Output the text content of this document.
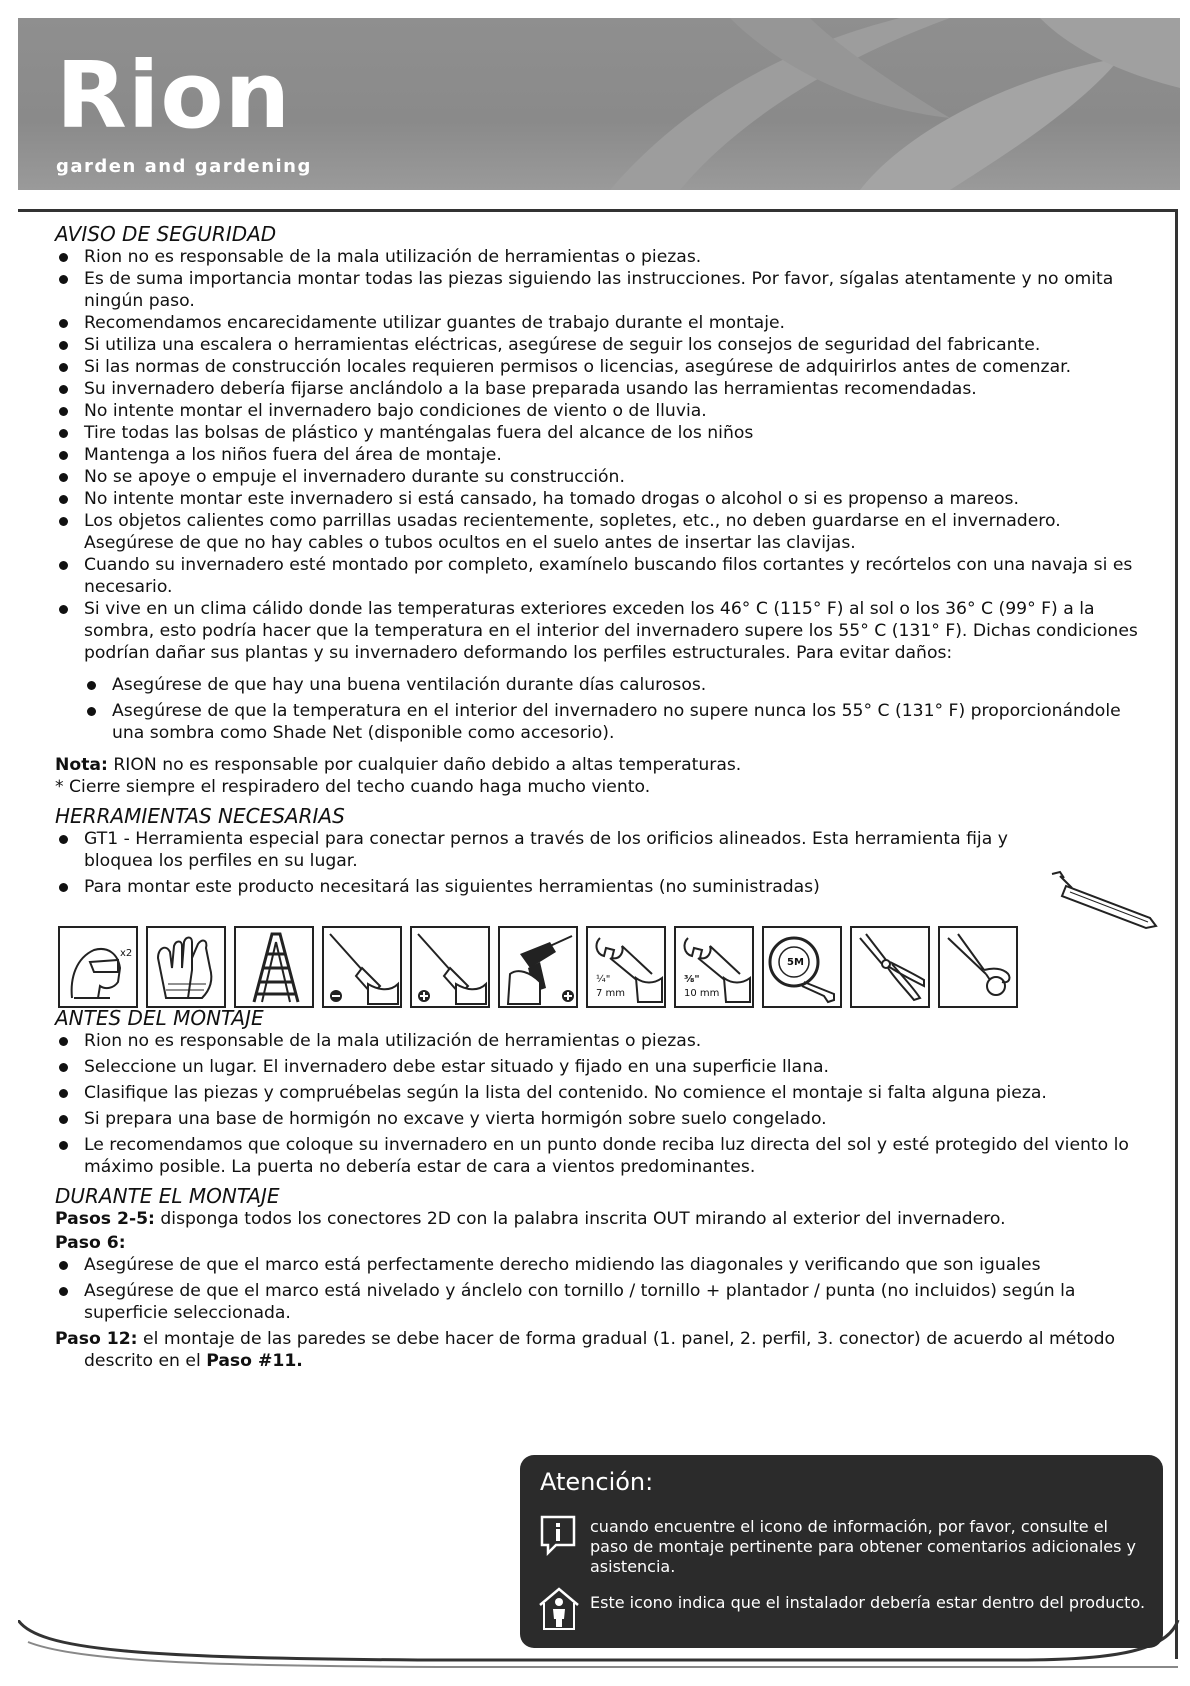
Rion
garden and gardening
AVISO DE SEGURIDAD
Rion no es responsable de la mala utilización de herramientas o piezas.
Es de suma importancia montar todas las piezas siguiendo las instrucciones. Por favor, sígalas atentamente y no omita ningún paso.
Recomendamos encarecidamente utilizar guantes de trabajo durante el montaje.
Si utiliza una escalera o herramientas eléctricas, asegúrese de seguir los consejos de seguridad del fabricante.
Si las normas de construcción locales requieren permisos o licencias, asegúrese de adquirirlos antes de comenzar.
Su invernadero debería fijarse anclándolo a la base preparada usando las herramientas recomendadas.
No intente montar el invernadero bajo condiciones de viento o de lluvia.
Tire todas las bolsas de plástico y manténgalas fuera del alcance de los niños
Mantenga a los niños fuera del área de montaje.
No se apoye o empuje el invernadero durante su construcción.
No intente montar este invernadero si está cansado, ha tomado drogas o alcohol o si es propenso a mareos.
Los objetos calientes como parrillas usadas recientemente, sopletes, etc., no deben guardarse en el invernadero. Asegúrese de que no hay cables o tubos ocultos en el suelo antes de insertar las clavijas.
Cuando su invernadero esté montado por completo, examínelo buscando filos cortantes y recórtelos con una navaja si es necesario.
Si vive en un clima cálido donde las temperaturas exteriores exceden los 46° C (115° F) al sol o los 36° C (99° F) a la sombra, esto podría hacer que la temperatura en el interior del invernadero supere los 55° C (131° F). Dichas condiciones podrían dañar sus plantas y su invernadero deformando los perfiles estructurales. Para evitar daños:
Asegúrese de que hay una buena ventilación durante días calurosos.
Asegúrese de que la temperatura en el interior del invernadero no supere nunca los 55° C (131° F) proporcionándole una sombra como Shade Net (disponible como accesorio).

Nota: RION no es responsable por cualquier daño debido a altas temperaturas.

* Cierre siempre el respiradero del techo cuando haga mucho viento.

HERRAMIENTAS NECESARIAS
GT1 - Herramienta especial para conectar pernos a través de los orificios alineados. Esta herramienta fija y bloquea los perfiles en su lugar.
Para montar este producto necesitará las siguientes herramientas (no suministradas)
ANTES DEL MONTAJE
Rion no es responsable de la mala utilización de herramientas o piezas.
Seleccione un lugar. El invernadero debe estar situado y fijado en una superficie llana.
Clasifique las piezas y compruébelas según la lista del contenido. No comience el montaje si falta alguna pieza.
Si prepara una base de hormigón no excave y vierta hormigón sobre suelo congelado.
Le recomendamos que coloque su invernadero en un punto donde reciba luz directa del sol y esté protegido del viento lo máximo posible. La puerta no debería estar de cara a vientos predominantes.
DURANTE EL MONTAJE

Pasos 2-5: disponga todos los conectores 2D con la palabra inscrita OUT mirando al exterior del invernadero.

Paso 6:

Asegúrese de que el marco está perfectamente derecho midiendo las diagonales y verificando que son iguales
Asegúrese de que el marco está nivelado y ánclelo con tornillo / tornillo + plantador / punta (no incluidos) según la superficie seleccionada.

Paso 12: el montaje de las paredes se debe hacer de forma gradual (1. panel, 2. perfil, 3. conector) de acuerdo al método descrito en el Paso #11.

x2
¼"
7 mm
⅜"
10 mm
5M
Atención:
cuando encuentre el icono de información, por favor, consulte el paso de montaje pertinente para obtener comentarios adicionales y asistencia.
Este icono indica que el instalador debería estar dentro del producto.
